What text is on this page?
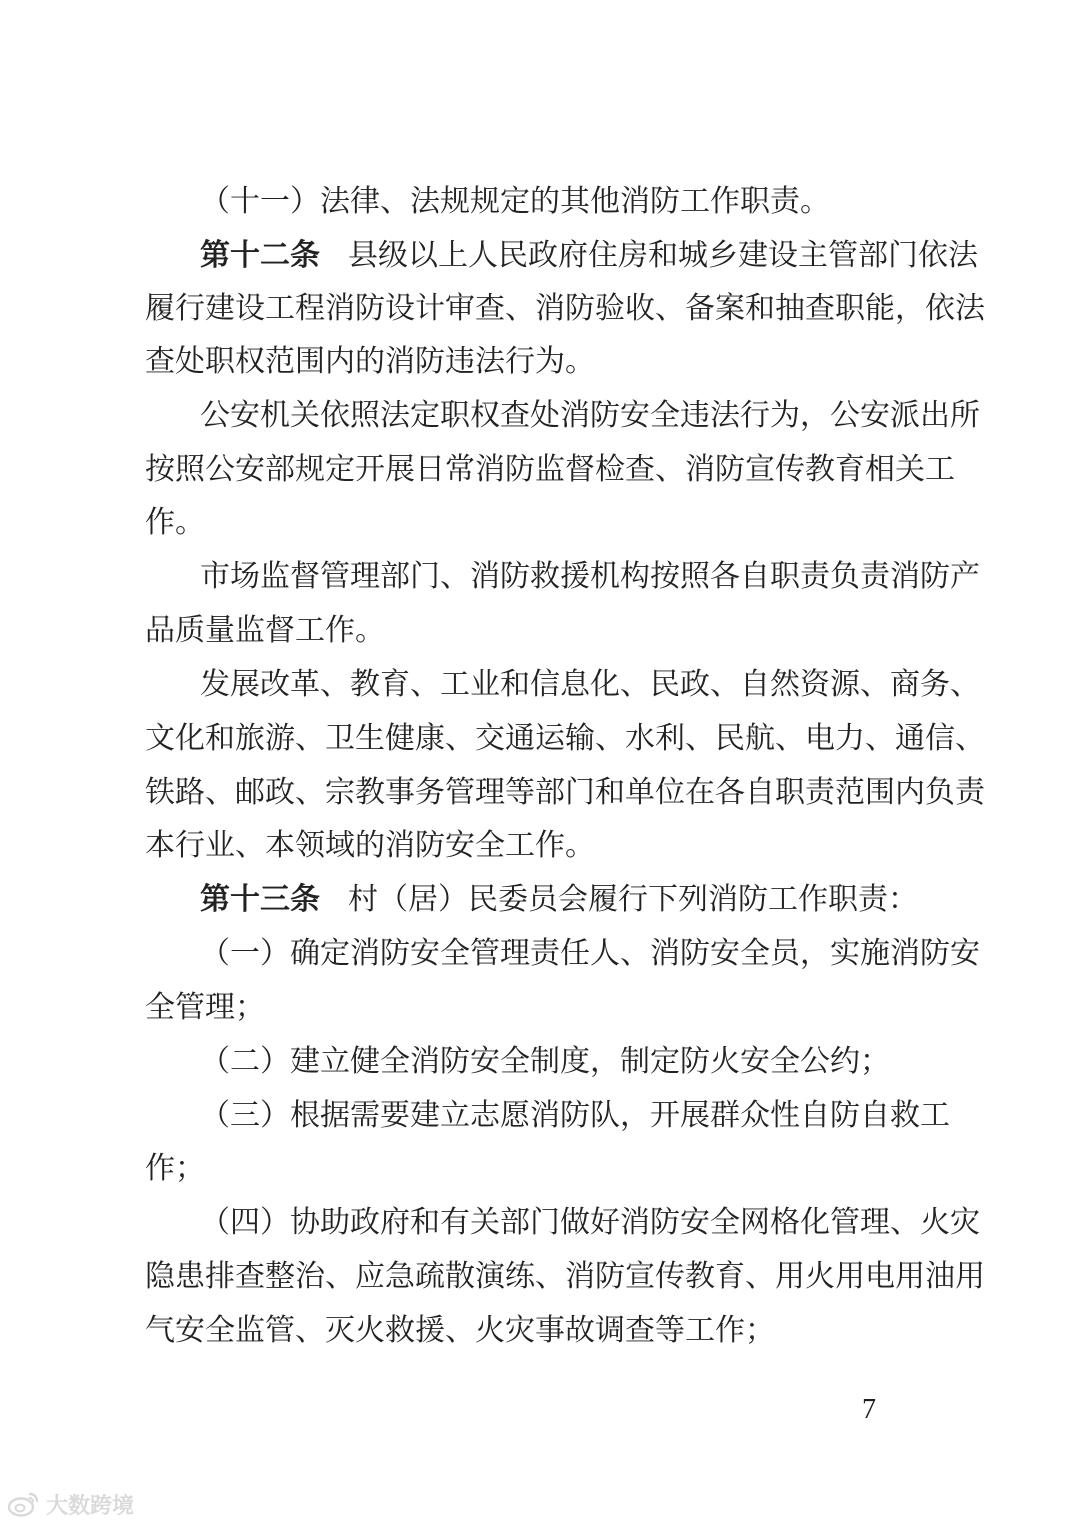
（十一）法律、法规规定的其他消防工作职责。
第十二条 县级以上人民政府住房和城乡建设主管部门依法
履行建设工程消防设计审查、消防验收、备案和抽查职能，依法
查处职权范围内的消防违法行为。
公安机关依照法定职权查处消防安全违法行为，公安派出所
按照公安部规定开展日常消防监督检查、消防宣传教育相关工
作。
市场监督管理部门、消防救援机构按照各自职责负责消防产
品质量监督工作。
发展改革、教育、工业和信息化、民政、自然资源、商务、
文化和旅游、卫生健康、交通运输、水利、民航、电力、通信、
铁路、邮政、宗教事务管理等部门和单位在各自职责范围内负责
本行业、本领域的消防安全工作。
第十三条 村（居）民委员会履行下列消防工作职责：
（一）确定消防安全管理责任人、消防安全员，实施消防安
全管理；
（二）建立健全消防安全制度，制定防火安全公约；
（三）根据需要建立志愿消防队，开展群众性自防自救工
作；
（四）协助政府和有关部门做好消防安全网格化管理、火灾
隐患排查整治、应急疏散演练、消防宣传教育、用火用电用油用
气安全监管、灭火救援、火灾事故调查等工作；
7
大数跨境
